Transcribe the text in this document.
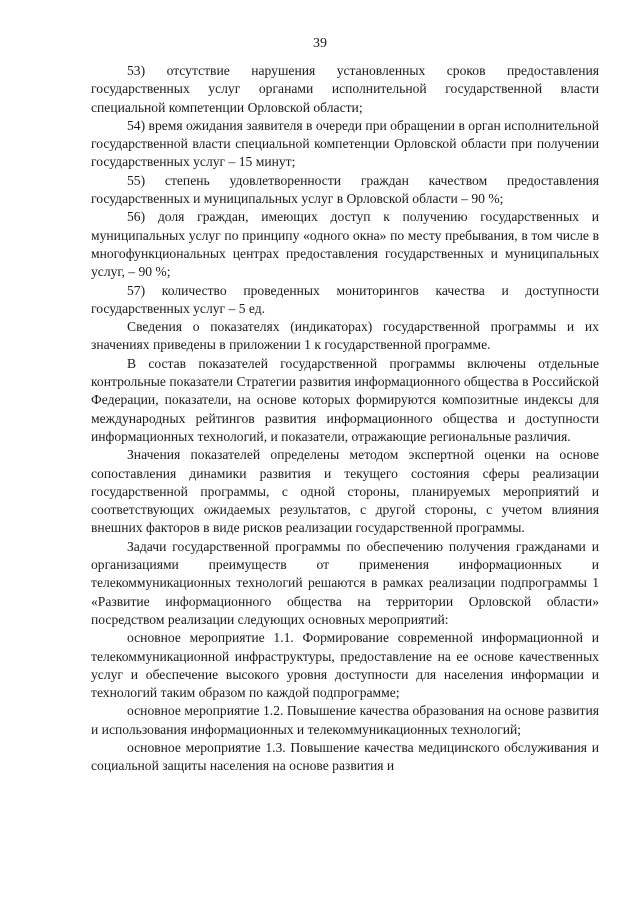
39

53) отсутствие нарушения установленных сроков предоставления государственных услуг органами исполнительной государственной власти специальной компетенции Орловской области;

54) время ожидания заявителя в очереди при обращении в орган исполнительной государственной власти специальной компетенции Орловской области при получении государственных услуг – 15 минут;

55) степень удовлетворенности граждан качеством предоставления государственных и муниципальных услуг в Орловской области – 90 %;

56) доля граждан, имеющих доступ к получению государственных и муниципальных услуг по принципу «одного окна» по месту пребывания, в том числе в многофункциональных центрах предоставления государственных и муниципальных услуг, – 90 %;

57) количество проведенных мониторингов качества и доступности государственных услуг – 5 ед.

Сведения о показателях (индикаторах) государственной программы и их значениях приведены в приложении 1 к государственной программе.

В состав показателей государственной программы включены отдельные контрольные показатели Стратегии развития информационного общества в Российской Федерации, показатели, на основе которых формируются композитные индексы для международных рейтингов развития информационного общества и доступности информационных технологий, и показатели, отражающие региональные различия.

Значения показателей определены методом экспертной оценки на основе сопоставления динамики развития и текущего состояния сферы реализации государственной программы, с одной стороны, планируемых мероприятий и соответствующих ожидаемых результатов, с другой стороны, с учетом влияния внешних факторов в виде рисков реализации государственной программы.

Задачи государственной программы по обеспечению получения гражданами и организациями преимуществ от применения информационных и телекоммуникационных технологий решаются в рамках реализации подпрограммы 1 «Развитие информационного общества на территории Орловской области» посредством реализации следующих основных мероприятий:

основное мероприятие 1.1. Формирование современной информационной и телекоммуникационной инфраструктуры, предоставление на ее основе качественных услуг и обеспечение высокого уровня доступности для населения информации и технологий таким образом по каждой подпрограмме;

основное мероприятие 1.2. Повышение качества образования на основе развития и использования информационных и телекоммуникационных технологий;

основное мероприятие 1.3. Повышение качества медицинского обслуживания и социальной защиты населения на основе развития и
